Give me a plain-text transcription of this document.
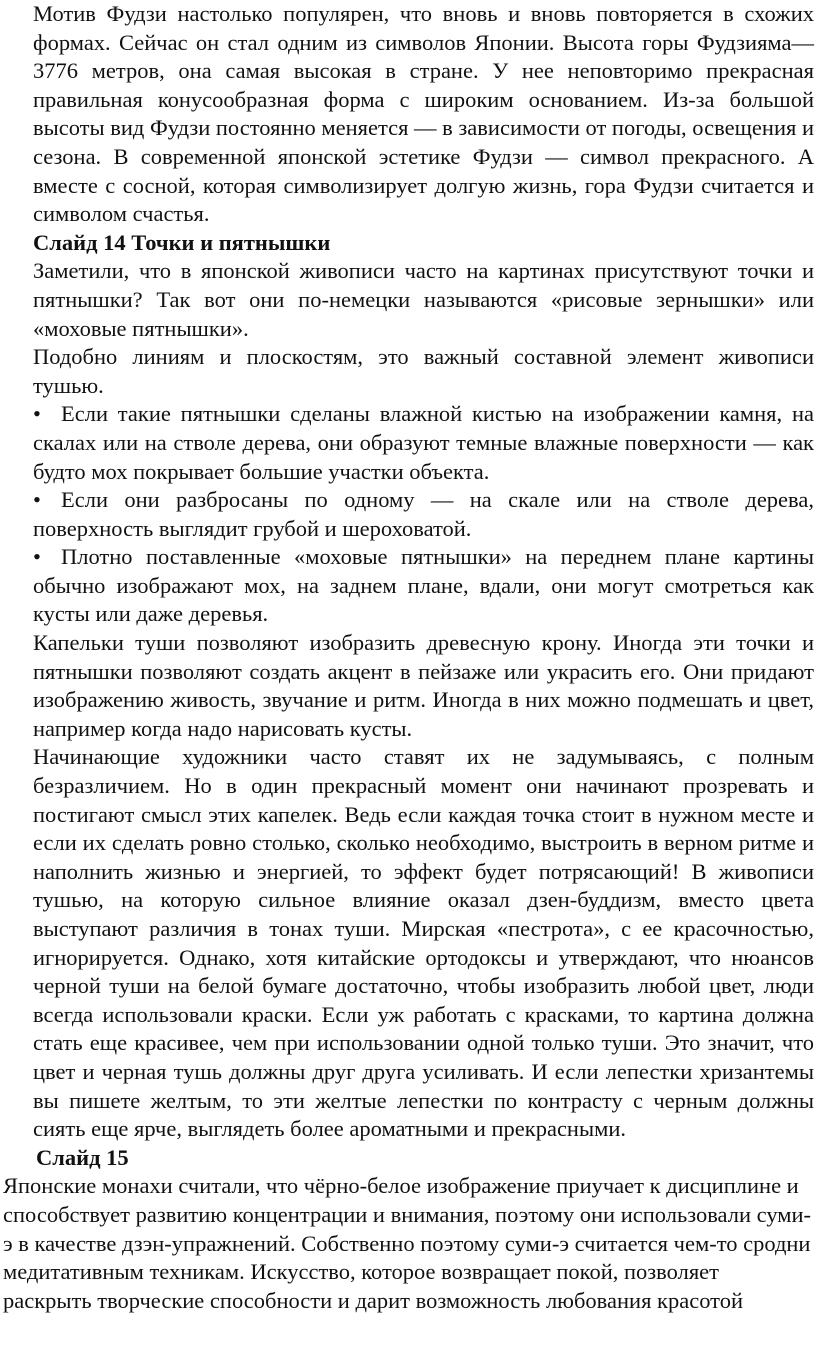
Мотив Фудзи настолько популярен, что вновь и вновь повторяется в схожих формах. Сейчас он стал одним из символов Японии. Высота горы Фудзияма— 3776 метров, она самая высокая в стране. У нее неповторимо прекрасная правильная конусообразная форма с широким основанием. Из-за большой высоты вид Фудзи постоянно меняется — в зависимости от погоды, освещения и сезона. В современной японской эстетике Фудзи — символ прекрасного. А вместе с сосной, которая символизирует долгую жизнь, гора Фудзи считается и символом счастья.

Слайд 14 Точки и пятнышки

Заметили, что в японской живописи часто на картинах присутствуют точки и пятнышки? Так вот они по-немецки называются «рисовые зернышки» или «моховые пятнышки».

Подобно линиям и плоскостям, это важный составной элемент живописи тушью.

• Если такие пятнышки сделаны влажной кистью на изображении камня, на скалах или на стволе дерева, они образуют темные влажные поверхности — как будто мох покрывает большие участки объекта.

• Если они разбросаны по одному — на скале или на стволе дерева, поверхность выглядит грубой и шероховатой.

• Плотно поставленные «моховые пятнышки» на переднем плане картины обычно изображают мох, на заднем плане, вдали, они могут смотреться как кусты или даже деревья.

Капельки туши позволяют изобразить древесную крону. Иногда эти точки и пятнышки позволяют создать акцент в пейзаже или украсить его. Они придают изображению живость, звучание и ритм. Иногда в них можно подмешать и цвет, например когда надо нарисовать кусты.

Начинающие художники часто ставят их не задумываясь, с полным безразличием. Но в один прекрасный момент они начинают прозревать и постигают смысл этих капелек. Ведь если каждая точка стоит в нужном месте и если их сделать ровно столько, сколько необходимо, выстроить в верном ритме и наполнить жизнью и энергией, то эффект будет потрясающий! В живописи тушью, на которую сильное влияние оказал дзен-буддизм, вместо цвета выступают различия в тонах туши. Мирская «пестрота», с ее красочностью, игнорируется. Однако, хотя китайские ортодоксы и утверждают, что нюансов черной туши на белой бумаге достаточно, чтобы изобразить любой цвет, люди всегда использовали краски. Если уж работать с красками, то картина должна стать еще красивее, чем при использовании одной только туши. Это значит, что цвет и черная тушь должны друг друга усиливать. И если лепестки хризантемы вы пишете желтым, то эти желтые лепестки по контрасту с черным должны сиять еще ярче, выглядеть более ароматными и прекрасными.

Слайд 15

Японские монахи считали, что чёрно-белое изображение приучает к дисциплине и способствует развитию концентрации и внимания, поэтому они использовали суми-э в качестве дзэн-упражнений. Собственно поэтому суми-э считается чем-то сродни медитативным техникам. Искусство, которое возвращает покой, позволяет раскрыть творческие способности и дарит возможность любования красотой
